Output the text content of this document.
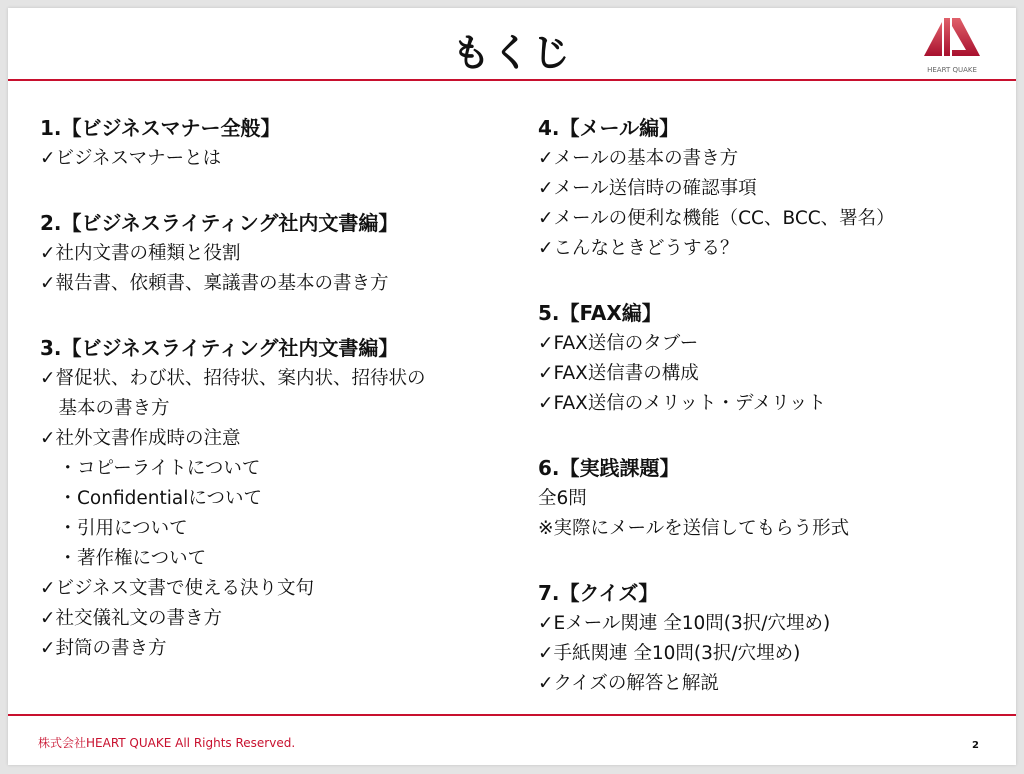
もくじ	HEART QUAKE
1.【ビジネスマナー全般】
✓ビジネスマナーとは
2.【ビジネスライティング社内文書編】
✓社内文書の種類と役割
✓報告書、依頼書、稟議書の基本の書き方
3.【ビジネスライティング社内文書編】
✓督促状、わび状、招待状、案内状、招待状の
　基本の書き方
✓社外文書作成時の注意
　・コピーライトについて
　・Confidentialについて
　・引用について
　・著作権について
✓ビジネス文書で使える決り文句
✓社交儀礼文の書き方
✓封筒の書き方
4.【メール編】
✓メールの基本の書き方
✓メール送信時の確認事項
✓メールの便利な機能（CC、BCC、署名）
✓こんなときどうする？
5.【FAX編】
✓FAX送信のタブー
✓FAX送信書の構成
✓FAX送信のメリット・デメリット
6.【実践課題】
全6問
※実際にメールを送信してもらう形式
7.【クイズ】
✓Eメール関連 全10問(3択/穴埋め)
✓手紙関連 全10問(3択/穴埋め)
✓クイズの解答と解説
株式会社HEART QUAKE All Rights Reserved.	2
